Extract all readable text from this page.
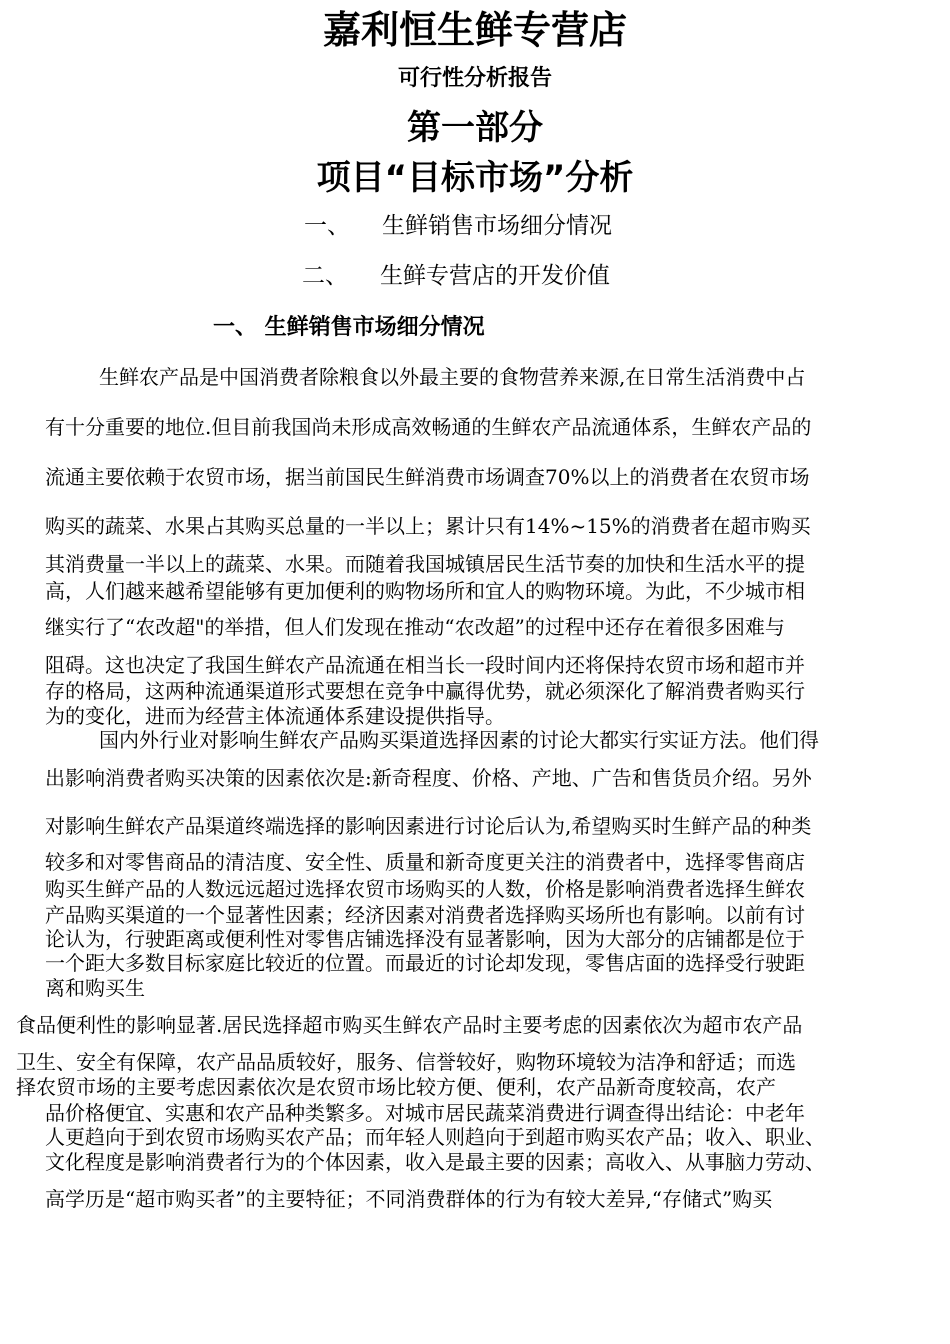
嘉利恒生鲜专营店
可行性分析报告
第一部分
项目“目标市场”分析
一、 生鲜销售市场细分情况
二、 生鲜专营店的开发价值
一、 生鲜销售市场细分情况
生鲜农产品是中国消费者除粮食以外最主要的食物营养来源,在日常生活消费中占
有十分重要的地位.但目前我国尚未形成高效畅通的生鲜农产品流通体系，生鲜农产品的
流通主要依赖于农贸市场，据当前国民生鲜消费市场调查70%以上的消费者在农贸市场
购买的蔬菜、水果占其购买总量的一半以上；累计只有14%~15%的消费者在超市购买
其消费量一半以上的蔬菜、水果。而随着我国城镇居民生活节奏的加快和生活水平的提
高，人们越来越希望能够有更加便利的购物场所和宜人的购物环境。为此，不少城市相
继实行了“农改超"的举措，但人们发现在推动“农改超”的过程中还存在着很多困难与
阻碍。这也决定了我国生鲜农产品流通在相当长一段时间内还将保持农贸市场和超市并
存的格局，这两种流通渠道形式要想在竞争中赢得优势，就必须深化了解消费者购买行
为的变化，进而为经营主体流通体系建设提供指导。
国内外行业对影响生鲜农产品购买渠道选择因素的讨论大都实行实证方法。他们得
出影响消费者购买决策的因素依次是:新奇程度、价格、产地、广告和售货员介绍。另外
对影响生鲜农产品渠道终端选择的影响因素进行讨论后认为,希望购买时生鲜产品的种类
较多和对零售商品的清洁度、安全性、质量和新奇度更关注的消费者中，选择零售商店
购买生鲜产品的人数远远超过选择农贸市场购买的人数，价格是影响消费者选择生鲜农
产品购买渠道的一个显著性因素；经济因素对消费者选择购买场所也有影响。以前有讨
论认为，行驶距离或便利性对零售店铺选择没有显著影响，因为大部分的店铺都是位于
一个距大多数目标家庭比较近的位置。而最近的讨论却发现，零售店面的选择受行驶距
离和购买生
食品便利性的影响显著.居民选择超市购买生鲜农产品时主要考虑的因素依次为超市农产品
卫生、安全有保障，农产品品质较好，服务、信誉较好，购物环境较为洁净和舒适；而选
择农贸市场的主要考虑因素依次是农贸市场比较方便、便利，农产品新奇度较高，农产
品价格便宜、实惠和农产品种类繁多。对城市居民蔬菜消费进行调查得出结论：中老年
人更趋向于到农贸市场购买农产品；而年轻人则趋向于到超市购买农产品；收入、职业、
文化程度是影响消费者行为的个体因素，收入是最主要的因素；高收入、从事脑力劳动、
高学历是“超市购买者”的主要特征；不同消费群体的行为有较大差异,“存储式”购买
